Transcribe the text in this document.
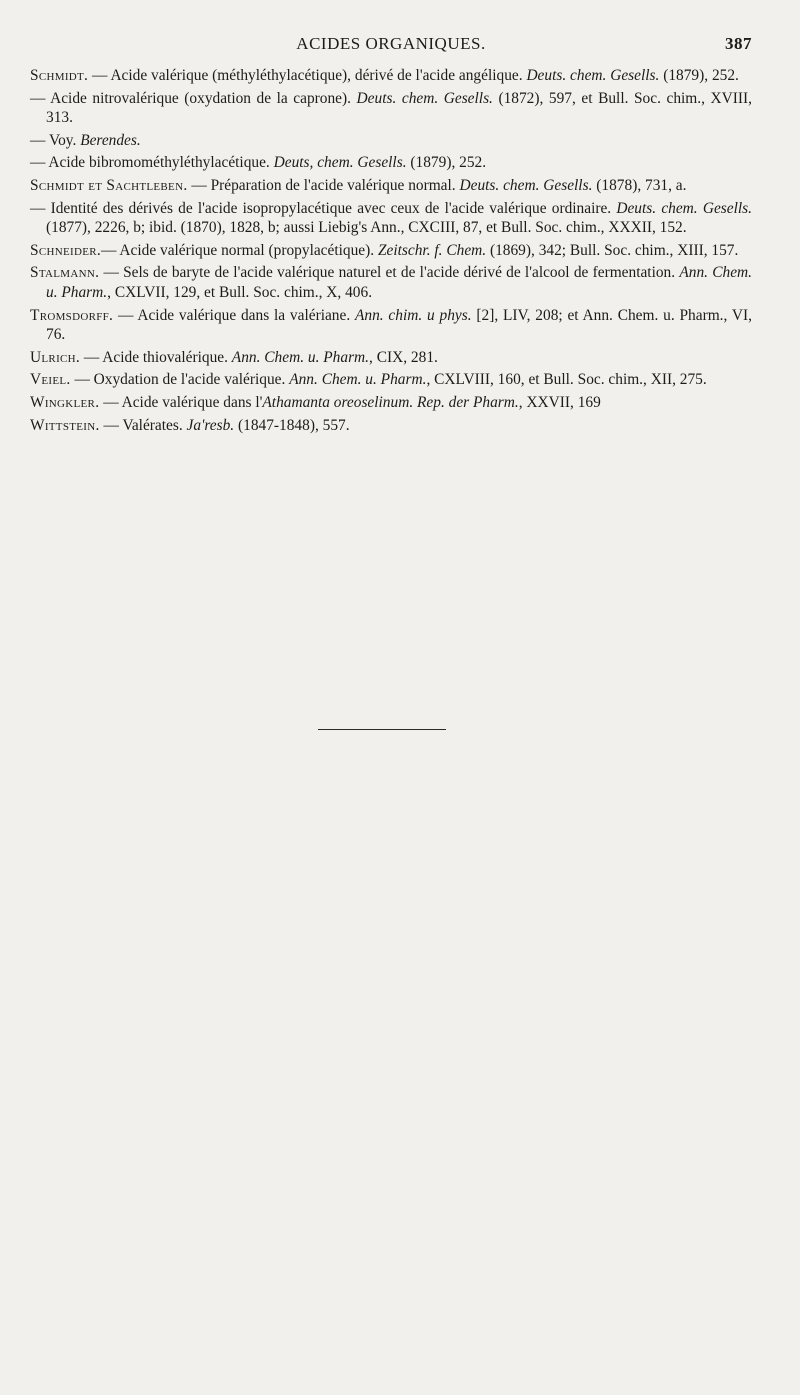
ACIDES ORGANIQUES.	387

Schmidt. — Acide valérique (méthyléthylacétique), dérivé de l'acide angélique. Deuts. chem. Gesells. (1879), 252.

— Acide nitrovalérique (oxydation de la caprone). Deuts. chem. Gesells. (1872), 597, et Bull. Soc. chim., XVIII, 313.

— Voy. Berendes.

— Acide bibromométhyléthylacétique. Deuts, chem. Gesells. (1879), 252.

Schmidt et Sachtleben. — Préparation de l'acide valérique normal. Deuts. chem. Gesells. (1878), 731, a.

— Identité des dérivés de l'acide isopropylacétique avec ceux de l'acide valérique ordinaire. Deuts. chem. Gesells. (1877), 2226, b; ibid. (1870), 1828, b; aussi Liebig's Ann., CXCIII, 87, et Bull. Soc. chim., XXXII, 152.

Schneider.— Acide valérique normal (propylacétique). Zeitschr. f. Chem. (1869), 342; Bull. Soc. chim., XIII, 157.

Stalmann. — Sels de baryte de l'acide valérique naturel et de l'acide dérivé de l'alcool de fermentation. Ann. Chem. u. Pharm., CXLVII, 129, et Bull. Soc. chim., X, 406.

Tromsdorff. — Acide valérique dans la valériane. Ann. chim. u phys. [2], LIV, 208; et Ann. Chem. u. Pharm., VI, 76.

Ulrich. — Acide thiovalérique. Ann. Chem. u. Pharm., CIX, 281.

Veiel. — Oxydation de l'acide valérique. Ann. Chem. u. Pharm., CXLVIII, 160, et Bull. Soc. chim., XII, 275.

Wingkler. — Acide valérique dans l'Athamanta oreoselinum. Rep. der Pharm., XXVII, 169

Wittstein. — Valérates. Ja'resb. (1847-1848), 557.
